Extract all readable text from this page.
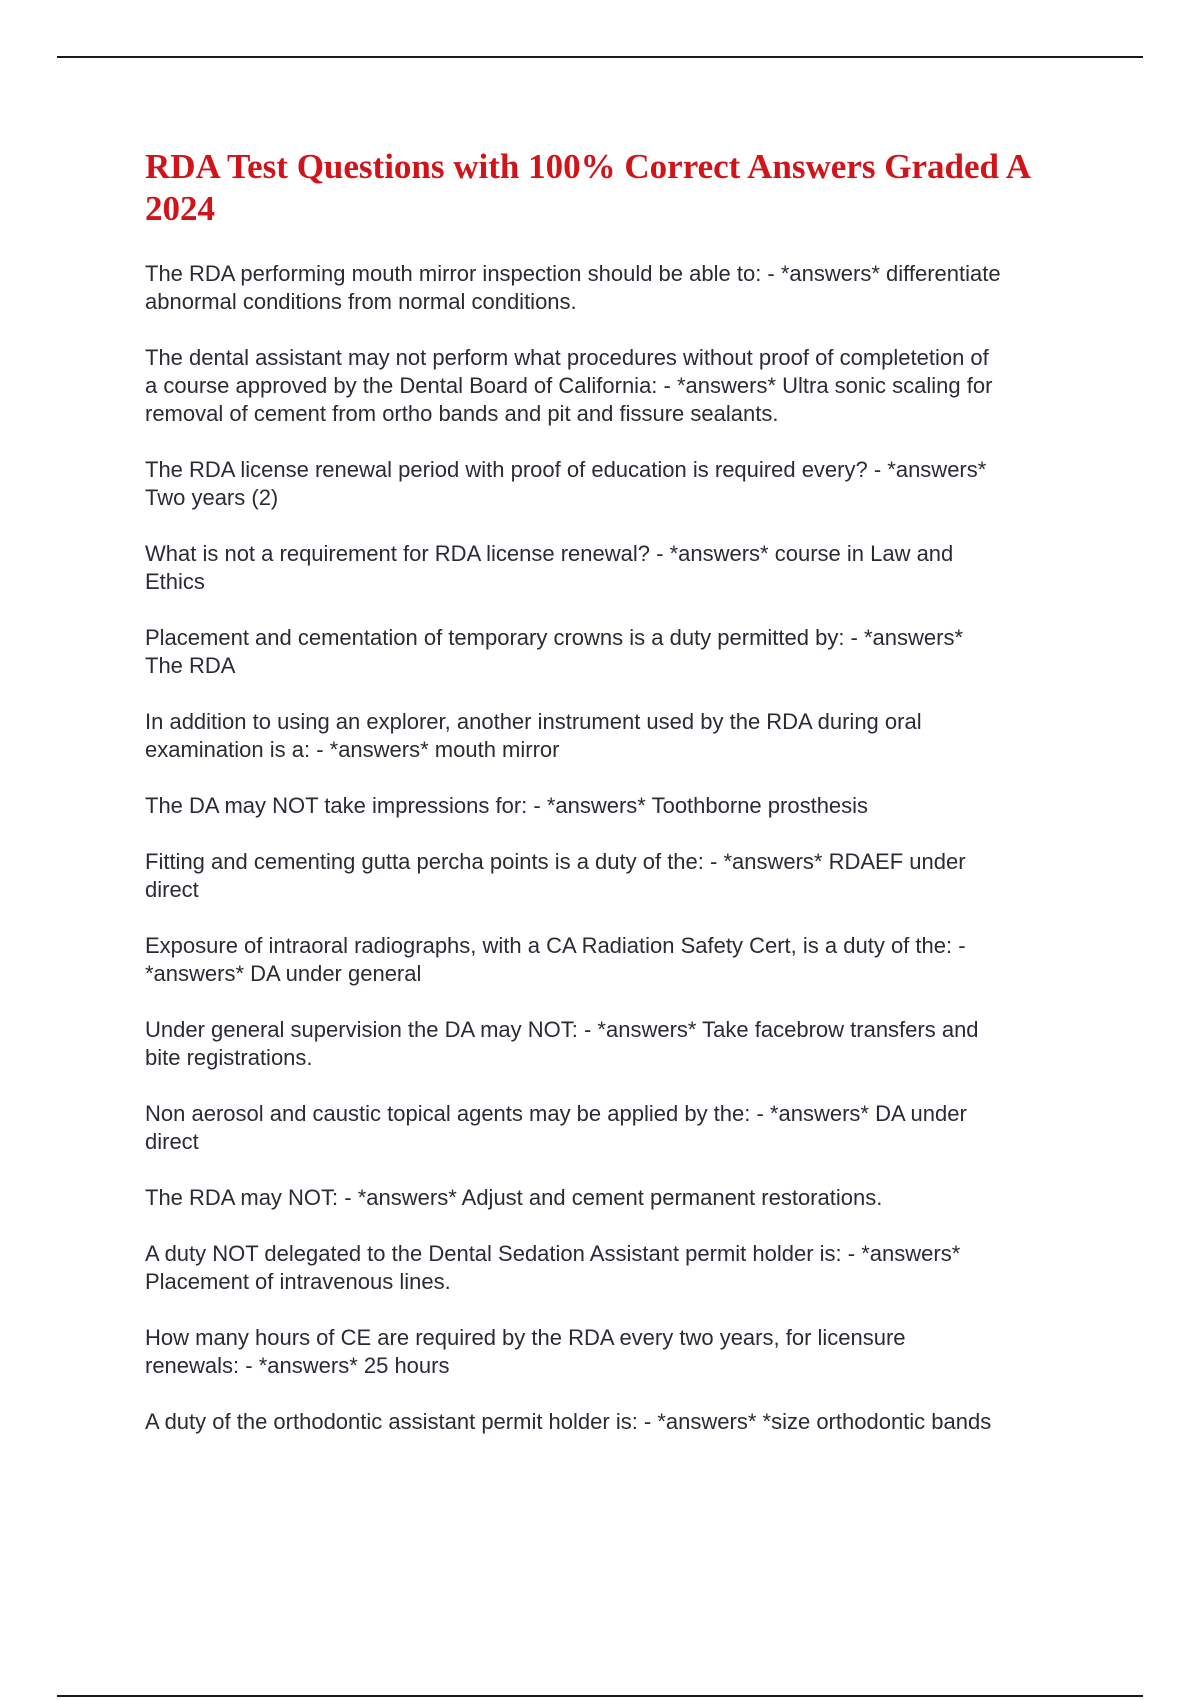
RDA Test Questions with 100% Correct Answers Graded A 2024
The RDA performing mouth mirror inspection should be able to: - *answers* differentiate
abnormal conditions from normal conditions.
The dental assistant may not perform what procedures without proof of completetion of
a course approved by the Dental Board of California: - *answers* Ultra sonic scaling for
removal of cement from ortho bands and pit and fissure sealants.
The RDA license renewal period with proof of education is required every? - *answers*
Two years (2)
What is not a requirement for RDA license renewal? - *answers* course in Law and
Ethics
Placement and cementation of temporary crowns is a duty permitted by: - *answers*
The RDA
In addition to using an explorer, another instrument used by the RDA during oral
examination is a: - *answers* mouth mirror
The DA may NOT take impressions for: - *answers* Toothborne prosthesis
Fitting and cementing gutta percha points is a duty of the: - *answers* RDAEF under
direct
Exposure of intraoral radiographs, with a CA Radiation Safety Cert, is a duty of the: -
*answers* DA under general
Under general supervision the DA may NOT: - *answers* Take facebrow transfers and
bite registrations.
Non aerosol and caustic topical agents may be applied by the: - *answers* DA under
direct
The RDA may NOT: - *answers* Adjust and cement permanent restorations.
A duty NOT delegated to the Dental Sedation Assistant permit holder is: - *answers*
Placement of intravenous lines.
How many hours of CE are required by the RDA every two years, for licensure
renewals: - *answers* 25 hours
A duty of the orthodontic assistant permit holder is: - *answers* *size orthodontic bands
